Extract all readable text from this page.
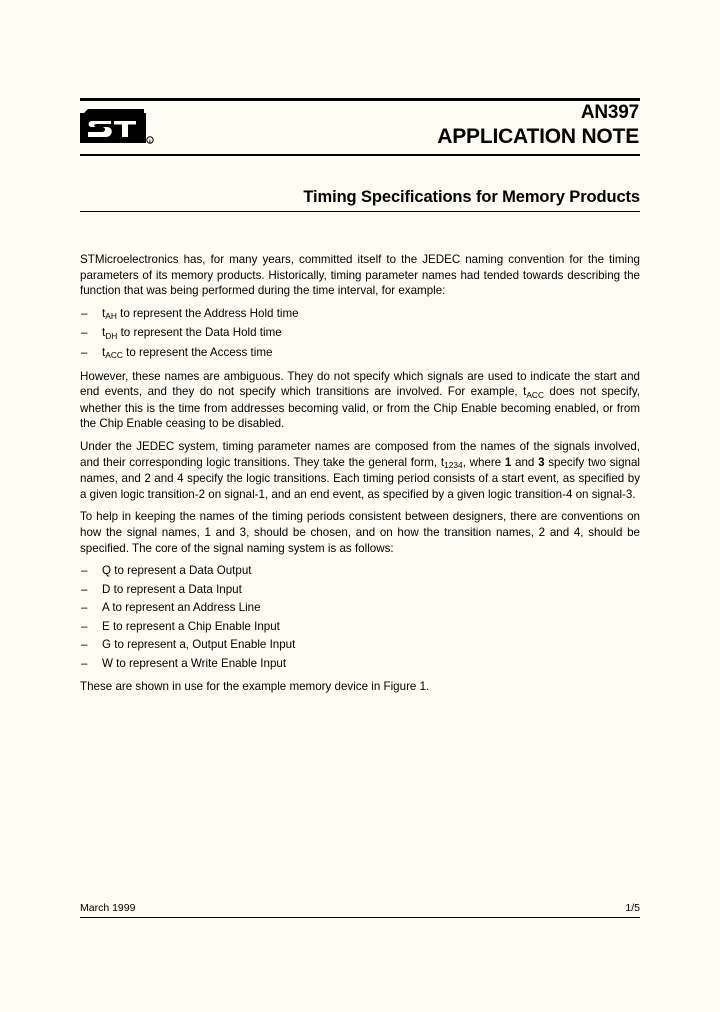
R
AN397
APPLICATION NOTE
Timing Specifications for Memory Products

STMicroelectronics has, for many years, committed itself to the JEDEC naming convention for the timing parameters of its memory products. Historically, timing parameter names had tended towards describing the function that was being performed during the time interval, for example:

– $t_{AH}$ to represent the Address Hold time
– $t_{DH}$ to represent the Data Hold time
– $t_{ACC}$ to represent the Access time

However, these names are ambiguous. They do not specify which signals are used to indicate the start and end events, and they do not specify which transitions are involved. For example, $t_{ACC}$ does not specify, whether this is the time from addresses becoming valid, or from the Chip Enable becoming enabled, or from the Chip Enable ceasing to be disabled.

Under the JEDEC system, timing parameter names are composed from the names of the signals involved, and their corresponding logic transitions. They take the general form, $t_{1234}$, where 1 and 3 specify two signal names, and 2 and 4 specify the logic transitions. Each timing period consists of a start event, as specified by a given logic transition-2 on signal-1, and an end event, as specified by a given logic transition-4 on signal-3.

To help in keeping the names of the timing periods consistent between designers, there are conventions on how the signal names, 1 and 3, should be chosen, and on how the transition names, 2 and 4, should be specified. The core of the signal naming system is as follows:

– Q to represent a Data Output
– D to represent a Data Input
– A to represent an Address Line
– E to represent a Chip Enable Input
– G to represent a, Output Enable Input
– W to represent a Write Enable Input

These are shown in use for the example memory device in Figure 1.

March 1999	1/5
